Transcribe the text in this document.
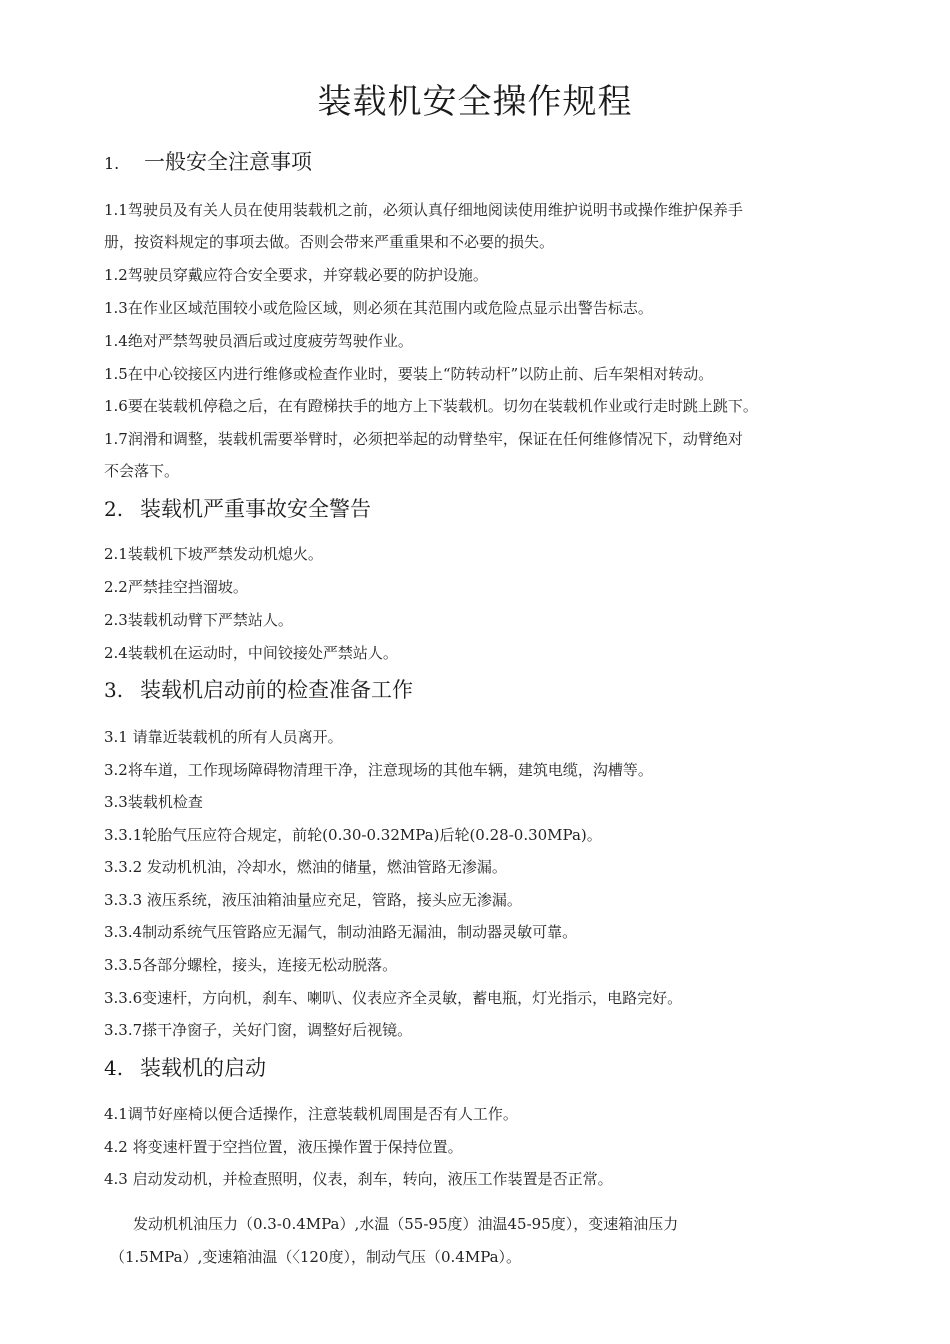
装载机安全操作规程
1. 一般安全注意事项
1.1驾驶员及有关人员在使用装载机之前，必须认真仔细地阅读使用维护说明书或操作维护保养手
册，按资料规定的事项去做。否则会带来严重重果和不必要的损失。
1.2驾驶员穿戴应符合安全要求，并穿载必要的防护设施。
1.3在作业区域范围较小或危险区域，则必须在其范围内或危险点显示出警告标志。
1.4绝对严禁驾驶员酒后或过度疲劳驾驶作业。
1.5在中心铰接区内进行维修或检查作业时，要装上“防转动杆”以防止前、后车架相对转动。
1.6要在装载机停稳之后，在有蹬梯扶手的地方上下装载机。切勿在装载机作业或行走时跳上跳下。
1.7润滑和调整，装载机需要举臂时，必须把举起的动臂垫牢，保证在任何维修情况下，动臂绝对
不会落下。
2. 装载机严重事故安全警告
2.1装载机下坡严禁发动机熄火。
2.2严禁挂空挡溜坡。
2.3装载机动臂下严禁站人。
2.4装载机在运动时，中间铰接处严禁站人。
3. 装载机启动前的检查准备工作
3.1 请靠近装载机的所有人员离开。
3.2将车道，工作现场障碍物清理干净，注意现场的其他车辆，建筑电缆，沟槽等。
3.3装载机检查
3.3.1轮胎气压应符合规定，前轮(0.30-0.32MPa)后轮(0.28-0.30MPa)。
3.3.2 发动机机油，冷却水，燃油的储量，燃油管路无渗漏。
3.3.3 液压系统，液压油箱油量应充足，管路，接头应无渗漏。
3.3.4制动系统气压管路应无漏气，制动油路无漏油，制动器灵敏可靠。
3.3.5各部分螺栓，接头，连接无松动脱落。
3.3.6变速杆，方向机，刹车、喇叭、仪表应齐全灵敏，蓄电瓶，灯光指示，电路完好。
3.3.7搽干净窗子，关好门窗，调整好后视镜。
4. 装载机的启动
4.1调节好座椅以便合适操作，注意装载机周围是否有人工作。
4.2 将变速杆置于空挡位置，液压操作置于保持位置。
4.3 启动发动机，并检查照明，仪表，刹车，转向，液压工作装置是否正常。
发动机机油压力（0.3-0.4MPa）,水温（55-95度）油温45-95度），变速箱油压力
（1.5MPa）,变速箱油温（〈120度），制动气压（0.4MPa）。
